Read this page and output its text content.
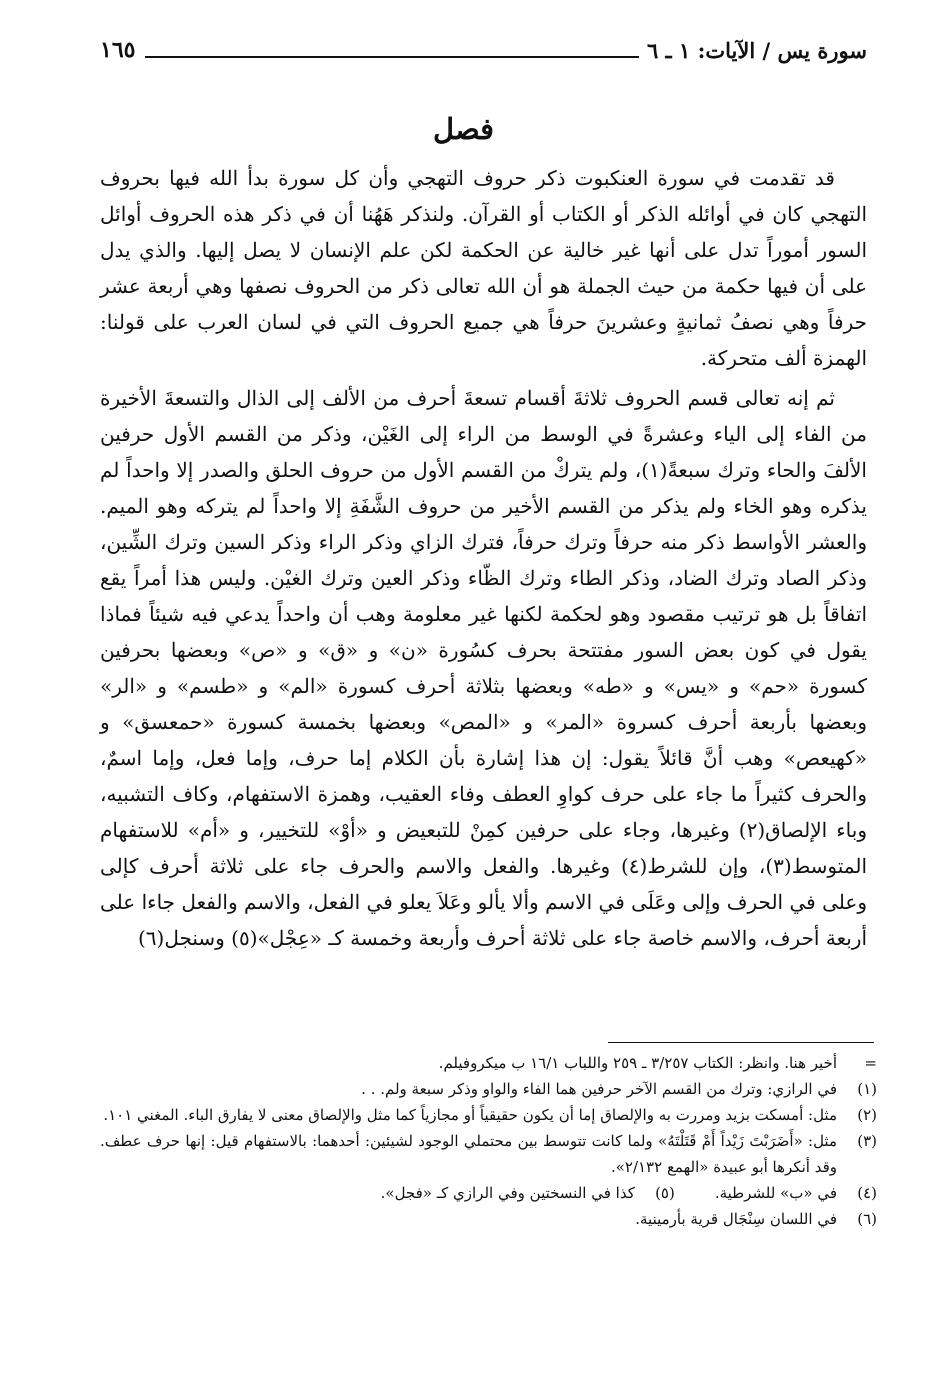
سورة يس / الآيات: ١ ـ ٦
١٦٥
فصل

قد تقدمت في سورة العنكبوت ذكر حروف التهجي وأن كل سورة بدأ الله فيها بحروف التهجي كان في أوائله الذكر أو الكتاب أو القرآن. ولنذكر هَهُنا أن في ذكر هذه الحروف أوائل السور أموراً تدل على أنها غير خالية عن الحكمة لكن علم الإنسان لا يصل إليها. والذي يدل على أن فيها حكمة من حيث الجملة هو أن الله تعالى ذكر من الحروف نصفها وهي أربعة عشر حرفاً وهي نصفُ ثمانيةٍ وعشرينَ حرفاً هي جميع الحروف التي في لسان العرب على قولنا: الهمزة ألف متحركة.

ثم إنه تعالى قسم الحروف ثلاثةَ أقسام تسعةَ أحرف من الألف إلى الذال والتسعةَ الأخيرة من الفاء إلى الياء وعشرةً في الوسط من الراء إلى الغَيْن، وذكر من القسم الأول حرفين الألفَ والحاء وترك سبعةً(١)، ولم يتركْ من القسم الأول من حروف الحلق والصدر إلا واحداً لم يذكره وهو الخاء ولم يذكر من القسم الأخير من حروف الشَّفَةِ إلا واحداً لم يتركه وهو الميم. والعشر الأواسط ذكر منه حرفاً وترك حرفاً، فترك الزاي وذكر الراء وذكر السين وترك الشِّين، وذكر الصاد وترك الضاد، وذكر الطاء وترك الظّاء وذكر العين وترك الغيْن. وليس هذا أمراً يقع اتفاقاً بل هو ترتيب مقصود وهو لحكمة لكنها غير معلومة وهب أن واحداً يدعي فيه شيئاً فماذا يقول في كون بعض السور مفتتحة بحرف كسُورة «ن» و «ق» و «ص» وبعضها بحرفين كسورة «حم» و «يس» و «طه» وبعضها بثلاثة أحرف كسورة «الم» و «طسم» و «الر» وبعضها بأربعة أحرف كسروة «المر» و «المص» وبعضها بخمسة كسورة «حمعسق» و «كهيعص» وهب أنَّ قائلاً يقول: إن هذا إشارة بأن الكلام إما حرف، وإما فعل، وإما اسمٌ، والحرف كثيراً ما جاء على حرف كواوِ العطف وفاء العقيب، وهمزة الاستفهام، وكاف التشبيه، وباء الإلصاق(٢) وغيرها، وجاء على حرفين كمِنْ للتبعيض و «أوْ» للتخيير، و «أم» للاستفهام المتوسط(٣)، وإن للشرط(٤) وغيرها. والفعل والاسم والحرف جاء على ثلاثة أحرف كإلى وعلى في الحرف وإلى وعَلَى في الاسم وألا يألو وعَلاَ يعلو في الفعل، والاسم والفعل جاءا على أربعة أحرف، والاسم خاصة جاء على ثلاثة أحرف وأربعة وخمسة كـ «عِجْل»(٥) وسنجل(٦)

=
أخير هنا. وانظر: الكتاب ٣/٢٥٧ ـ ٢٥٩ واللباب ١٦/١ ب ميكروفيلم.
(١)
في الرازي: وترك من القسم الآخر حرفين هما الفاء والواو وذكر سبعة ولم. . .
(٢)
مثل: أمسكت بزيد ومررت به والإلصاق إما أن يكون حقيقياً أو مجازياً كما مثل والإلصاق معنى لا يفارق الباء. المغني ١٠١.
(٣)
مثل: «أَضَرَبْتَ زَيْداً أَمْ قَتَلْتَهُ» ولما كانت تتوسط بين محتملي الوجود لشيئين: أحدهما: بالاستفهام قيل: إنها حرف عطف. وقد أنكرها أبو عبيدة «الهمع ٢/١٣٢».
(٤)
في «ب» للشرطية.
(٥)
كذا في النسختين وفي الرازي كـ «فجل».
(٦)
في اللسان سِنْجَال قرية بأرمينية.
